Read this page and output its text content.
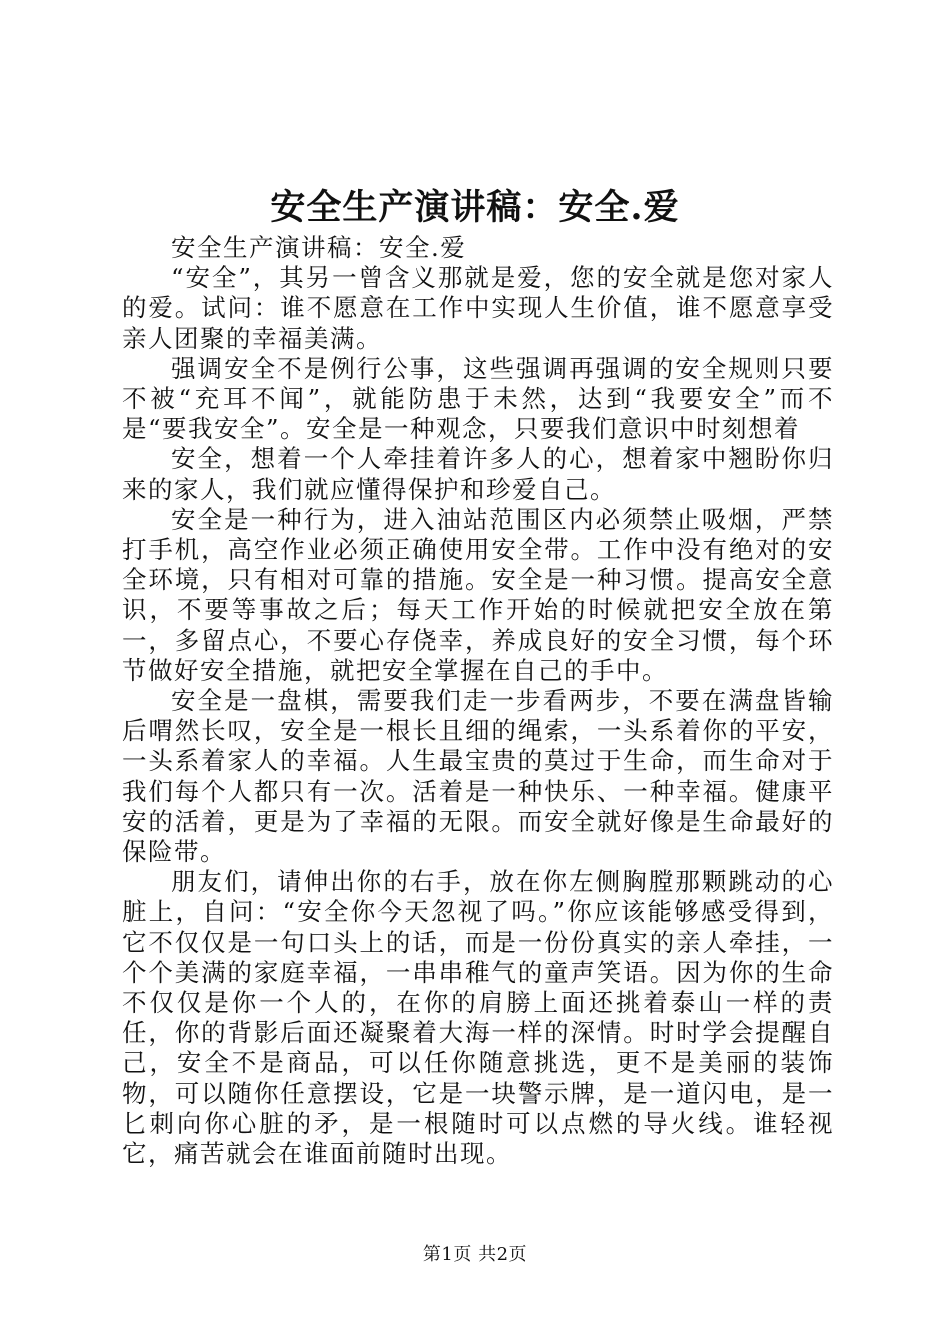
安全生产演讲稿：安全.爱

安全生产演讲稿：安全.爱

“安全”，其另一曾含义那就是爱，您的安全就是您对家人的爱。试问：谁不愿意在工作中实现人生价值，谁不愿意享受亲人团聚的幸福美满。

强调安全不是例行公事，这些强调再强调的安全规则只要不被“充耳不闻”，就能防患于未然，达到“我要安全”而不是“要我安全”。安全是一种观念，只要我们意识中时刻想着

安全，想着一个人牵挂着许多人的心，想着家中翘盼你归来的家人，我们就应懂得保护和珍爱自己。

安全是一种行为，进入油站范围区内必须禁止吸烟，严禁打手机，高空作业必须正确使用安全带。工作中没有绝对的安全环境，只有相对可靠的措施。安全是一种习惯。提高安全意识，不要等事故之后；每天工作开始的时候就把安全放在第一，多留点心，不要心存侥幸，养成良好的安全习惯，每个环节做好安全措施，就把安全掌握在自己的手中。

安全是一盘棋，需要我们走一步看两步，不要在满盘皆输后喟然长叹，安全是一根长且细的绳索，一头系着你的平安，一头系着家人的幸福。人生最宝贵的莫过于生命，而生命对于我们每个人都只有一次。活着是一种快乐、一种幸福。健康平安的活着，更是为了幸福的无限。而安全就好像是生命最好的保险带。

朋友们，请伸出你的右手，放在你左侧胸膛那颗跳动的心脏上，自问：“安全你今天忽视了吗。”你应该能够感受得到，它不仅仅是一句口头上的话，而是一份份真实的亲人牵挂，一个个美满的家庭幸福，一串串稚气的童声笑语。因为你的生命不仅仅是你一个人的，在你的肩膀上面还挑着泰山一样的责任，你的背影后面还凝聚着大海一样的深情。时时学会提醒自己，安全不是商品，可以任你随意挑选，更不是美丽的装饰物，可以随你任意摆设，它是一块警示牌，是一道闪电，是一匕刺向你心脏的矛，是一根随时可以点燃的导火线。谁轻视它，痛苦就会在谁面前随时出现。

第1页 共2页
